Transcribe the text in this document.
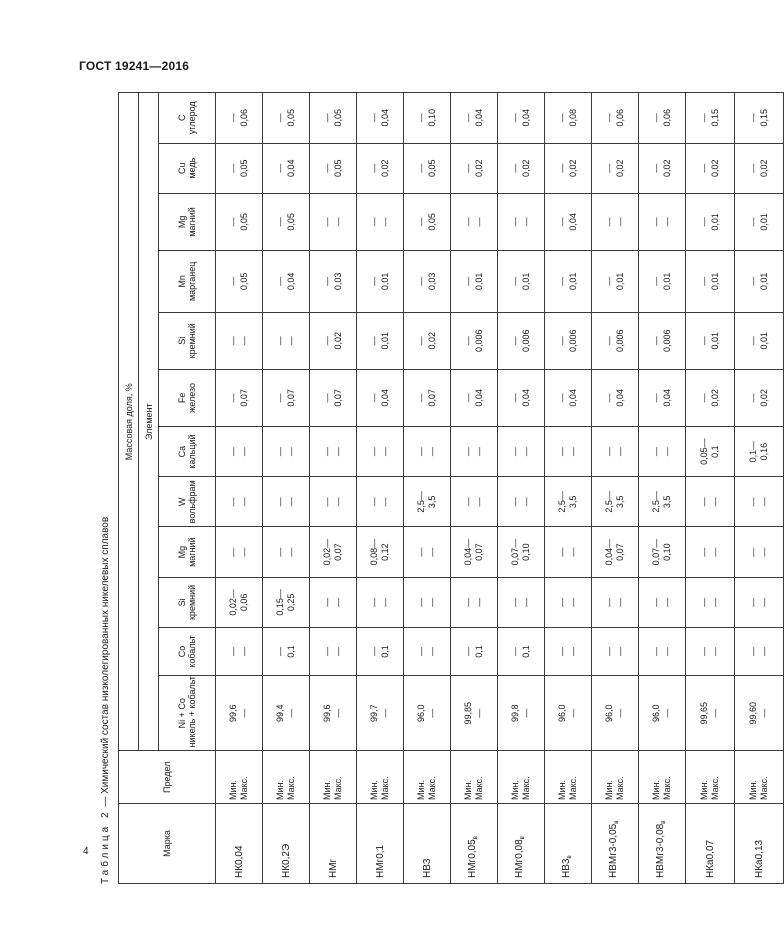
ГОСТ 19241—2016
Таблица 2 — Химический состав низколегированных никелевых сплавов
Марка	Предел	Массовая доля, %											
		Элемент											

		Ni + Co никель + кобальт	Co кобальт	Si кремний	Mg магний	W вольфрам	Ca кальций	Fe железо	Si кремний	Mn марганец	Mg магний	Cu медь	C углерод

НК0,04	Мин. Макс.	99,6 —	— —	0,02— 0,06	— —	— —	— —	— 0,07	— —	— 0,05	— 0,05	— 0,05	— 0,06

НК0,2Э	Мин. Макс.	99,4 —	— 0,1	0,15— 0,25	— —	— —	— —	— 0,07	— —	— 0,04	— 0,05	— 0,04	— 0,05

НМг	Мин. Макс.	99,6 —	— —	— —	0,02— 0,07	— —	— —	— 0,07	— 0,02	— 0,03	— —	— 0,05	— 0,05

НМг0,1	Мин. Макс.	99,7 —	— 0,1	— —	0,08— 0,12	— —	— —	— 0,04	— 0,01	— 0,01	— —	— 0,02	— 0,04

НВ3	Мин. Макс.	96,0 —	— —	— —	— —	2,5— 3,5	— —	— 0,07	— 0,02	— 0,03	— 0,05	— 0,05	— 0,10

$НМг0,05_в$	Мин. Макс.	99,85 —	— 0,1	— —	0,04— 0,07	— —	— —	— 0,04	— 0,006	— 0,01	— —	— 0,02	— 0,04

$НМг0,08_в$	Мин. Макс.	99,8 —	— 0,1	— —	0,07— 0,10	— —	— —	— 0,04	— 0,006	— 0,01	— —	— 0,02	— 0,04

$НВ3_в$	Мин. Макс.	96,0 —	— —	— —	— —	2,5— 3,5	— —	— 0,04	— 0,006	— 0,01	— 0,04	— 0,02	— 0,08

$НВМг3-0,05_в$	Мин. Макс.	96,0 —	— —	— —	0,04— 0,07	2,5— 3,5	— —	— 0,04	— 0,006	— 0,01	— —	— 0,02	— 0,06

$НВМг3-0,08_в$	Мин. Макс.	96,0 —	— —	— —	0,07— 0,10	2,5— 3,5	— —	— 0,04	— 0,006	— 0,01	— —	— 0,02	— 0,06

НКа0,07	Мин. Макс.	99,65 —	— —	— —	— —	— —	0,05— 0,1	— 0,02	— 0,01	— 0,01	— 0,01	— 0,02	— 0,15

НКа0,13	Мин. Макс.	99,60 —	— —	— —	— —	— —	0,1— 0,16	— 0,02	— 0,01	— 0,01	— 0,01	— 0,02	— 0,15
4
